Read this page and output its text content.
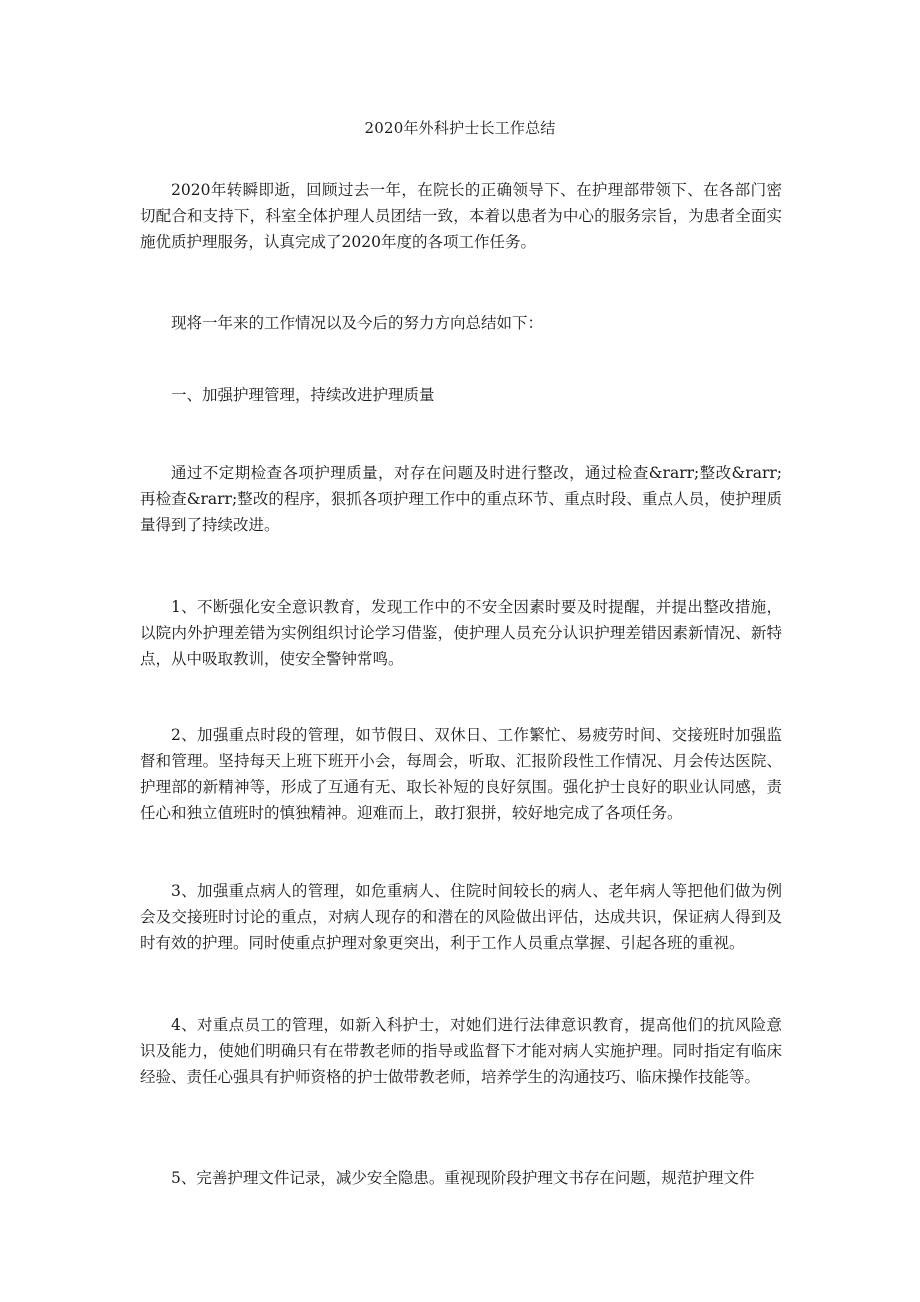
2020年外科护士长工作总结

2020年转瞬即逝，回顾过去一年，在院长的正确领导下、在护理部带领下、在各部门密切配合和支持下，科室全体护理人员团结一致，本着以患者为中心的服务宗旨，为患者全面实施优质护理服务，认真完成了2020年度的各项工作任务。

现将一年来的工作情况以及今后的努力方向总结如下：

一、加强护理管理，持续改进护理质量

通过不定期检查各项护理质量，对存在问题及时进行整改，通过检查&rarr;整改&rarr;再检查&rarr;整改的程序，狠抓各项护理工作中的重点环节、重点时段、重点人员，使护理质量得到了持续改进。

1、不断强化安全意识教育，发现工作中的不安全因素时要及时提醒，并提出整改措施，以院内外护理差错为实例组织讨论学习借鉴，使护理人员充分认识护理差错因素新情况、新特点，从中吸取教训，使安全警钟常鸣。

2、加强重点时段的管理，如节假日、双休日、工作繁忙、易疲劳时间、交接班时加强监督和管理。坚持每天上班下班开小会，每周会，听取、汇报阶段性工作情况、月会传达医院、护理部的新精神等，形成了互通有无、取长补短的良好氛围。强化护士良好的职业认同感，责任心和独立值班时的慎独精神。迎难而上，敢打狠拼，较好地完成了各项任务。

3、加强重点病人的管理，如危重病人、住院时间较长的病人、老年病人等把他们做为例会及交接班时讨论的重点，对病人现存的和潜在的风险做出评估，达成共识，保证病人得到及时有效的护理。同时使重点护理对象更突出，利于工作人员重点掌握、引起各班的重视。

4、对重点员工的管理，如新入科护士，对她们进行法律意识教育，提高他们的抗风险意识及能力，使她们明确只有在带教老师的指导或监督下才能对病人实施护理。同时指定有临床经验、责任心强具有护师资格的护士做带教老师，培养学生的沟通技巧、临床操作技能等。

5、完善护理文件记录，减少安全隐患。重视现阶段护理文书存在问题，规范护理文件
